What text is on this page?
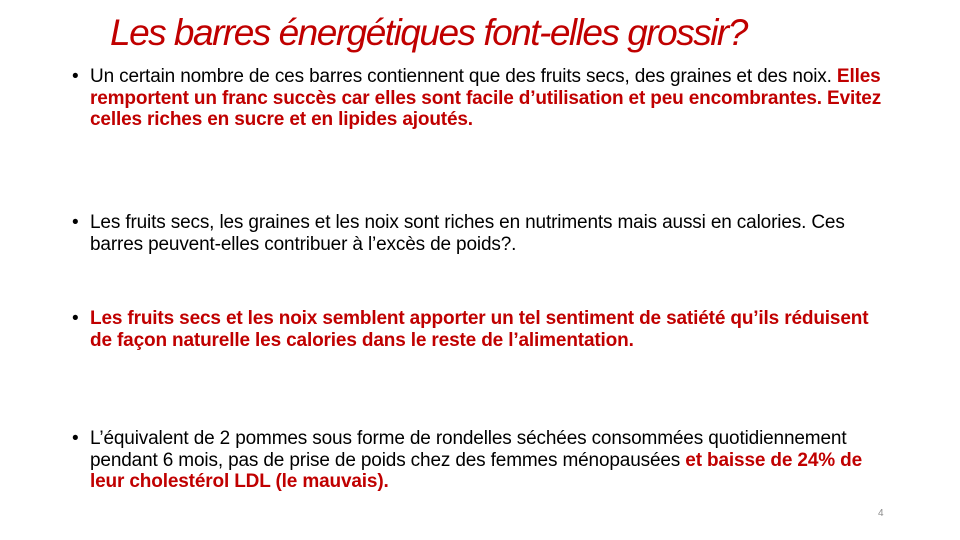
Les barres énergétiques font-elles grossir?
• Un certain nombre de ces barres contiennent que des fruits secs, des graines et des noix. Elles remportent un franc succès car elles sont facile d’utilisation et peu encombrantes. Evitez celles riches en sucre et en lipides ajoutés.
• Les fruits secs, les graines et les noix sont riches en nutriments mais aussi en calories. Ces barres peuvent-elles contribuer à l’excès de poids?.
• Les fruits secs et les noix semblent apporter un tel sentiment de satiété qu’ils réduisent de façon naturelle les calories dans le reste de l’alimentation.
• L’équivalent de 2 pommes sous forme de rondelles séchées consommées quotidiennement pendant 6 mois, pas de prise de poids chez des femmes ménopausées et baisse de 24% de leur cholestérol LDL (le mauvais).
4
